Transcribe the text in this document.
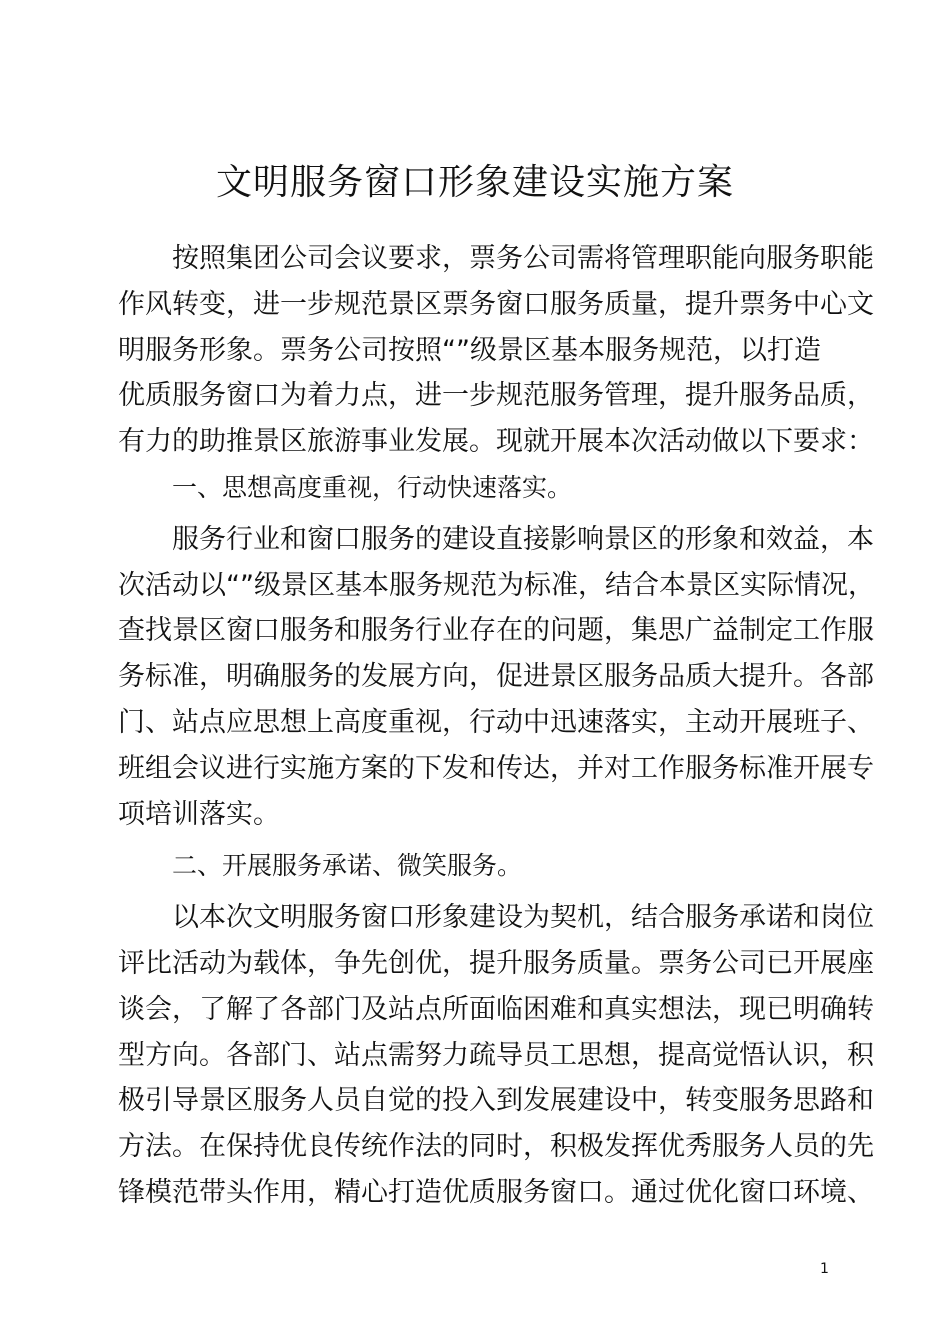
文明服务窗口形象建设实施方案
按照集团公司会议要求，票务公司需将管理职能向服务职能
作风转变，进一步规范景区票务窗口服务质量，提升票务中心文
明服务形象。票务公司按照“”级景区基本服务规范，以打造
优质服务窗口为着力点，进一步规范服务管理，提升服务品质，
有力的助推景区旅游事业发展。现就开展本次活动做以下要求：
一、思想高度重视，行动快速落实。
服务行业和窗口服务的建设直接影响景区的形象和效益，本
次活动以“”级景区基本服务规范为标准，结合本景区实际情况，
查找景区窗口服务和服务行业存在的问题，集思广益制定工作服
务标准，明确服务的发展方向，促进景区服务品质大提升。各部
门、站点应思想上高度重视，行动中迅速落实，主动开展班子、
班组会议进行实施方案的下发和传达，并对工作服务标准开展专
项培训落实。
二、开展服务承诺、微笑服务。
以本次文明服务窗口形象建设为契机，结合服务承诺和岗位
评比活动为载体，争先创优，提升服务质量。票务公司已开展座
谈会，了解了各部门及站点所面临困难和真实想法，现已明确转
型方向。各部门、站点需努力疏导员工思想，提高觉悟认识，积
极引导景区服务人员自觉的投入到发展建设中，转变服务思路和
方法。在保持优良传统作法的同时，积极发挥优秀服务人员的先
锋模范带头作用，精心打造优质服务窗口。通过优化窗口环境、
1
